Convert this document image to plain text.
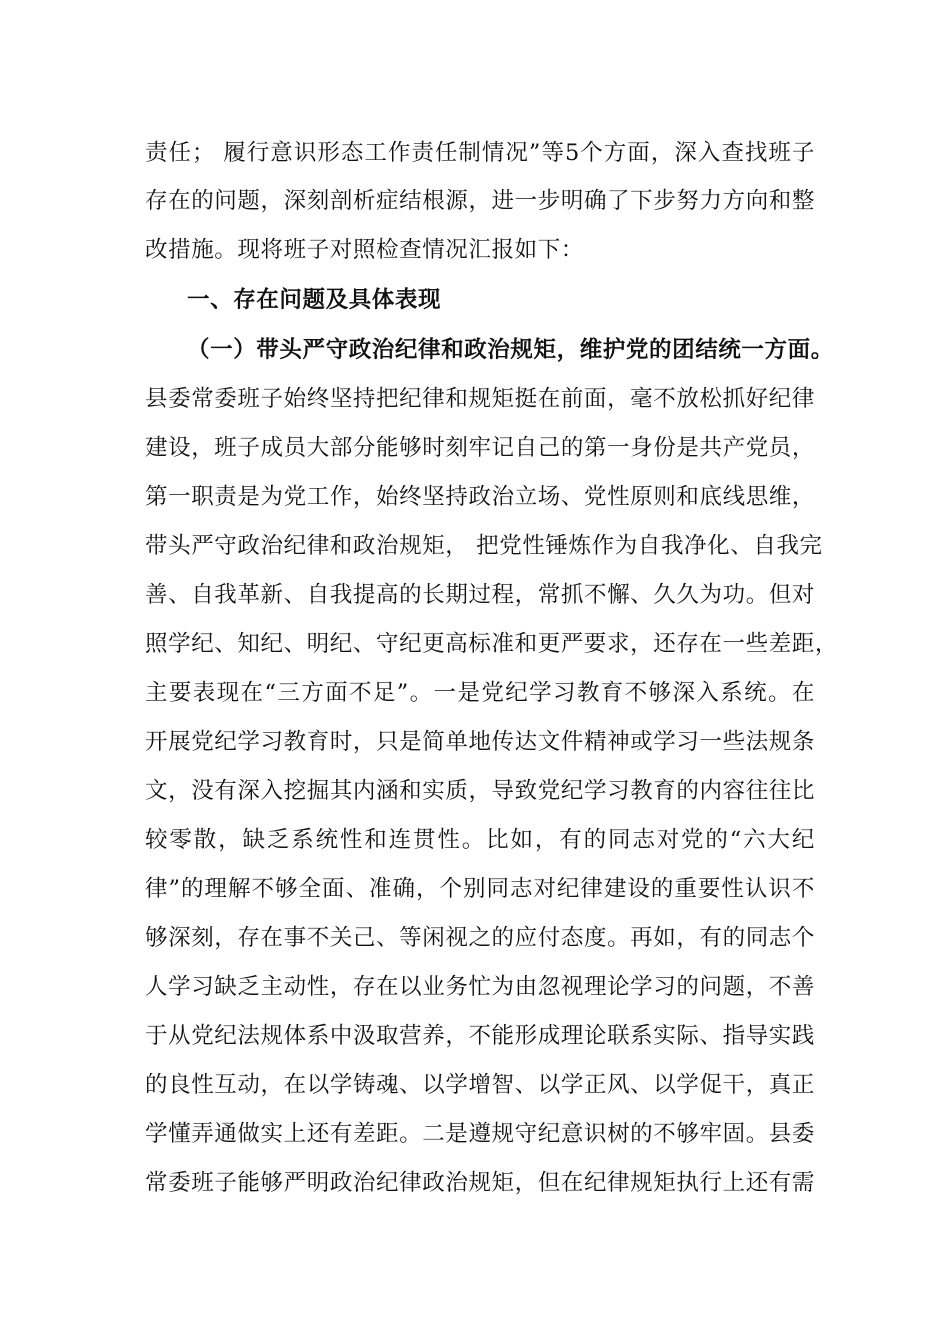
责任； 履行意识形态工作责任制情况”等5个方面，深入查找班子
存在的问题，深刻剖析症结根源，进一步明确了下步努力方向和整
改措施。现将班子对照检查情况汇报如下：
一、存在问题及具体表现
（一）带头严守政治纪律和政治规矩，维护党的团结统一方面。
县委常委班子始终坚持把纪律和规矩挺在前面，毫不放松抓好纪律
建设，班子成员大部分能够时刻牢记自己的第一身份是共产党员，
第一职责是为党工作，始终坚持政治立场、党性原则和底线思维，
带头严守政治纪律和政治规矩， 把党性锤炼作为自我净化、自我完
善、自我革新、自我提高的长期过程，常抓不懈、久久为功。但对
照学纪、知纪、明纪、守纪更高标准和更严要求，还存在一些差距，
主要表现在“三方面不足”。一是党纪学习教育不够深入系统。在
开展党纪学习教育时，只是简单地传达文件精神或学习一些法规条
文，没有深入挖掘其内涵和实质，导致党纪学习教育的内容往往比
较零散，缺乏系统性和连贯性。比如，有的同志对党的“六大纪
律”的理解不够全面、准确，个别同志对纪律建设的重要性认识不
够深刻，存在事不关己、等闲视之的应付态度。再如，有的同志个
人学习缺乏主动性，存在以业务忙为由忽视理论学习的问题，不善
于从党纪法规体系中汲取营养，不能形成理论联系实际、指导实践
的良性互动，在以学铸魂、以学增智、以学正风、以学促干，真正
学懂弄通做实上还有差距。二是遵规守纪意识树的不够牢固。县委
常委班子能够严明政治纪律政治规矩，但在纪律规矩执行上还有需
